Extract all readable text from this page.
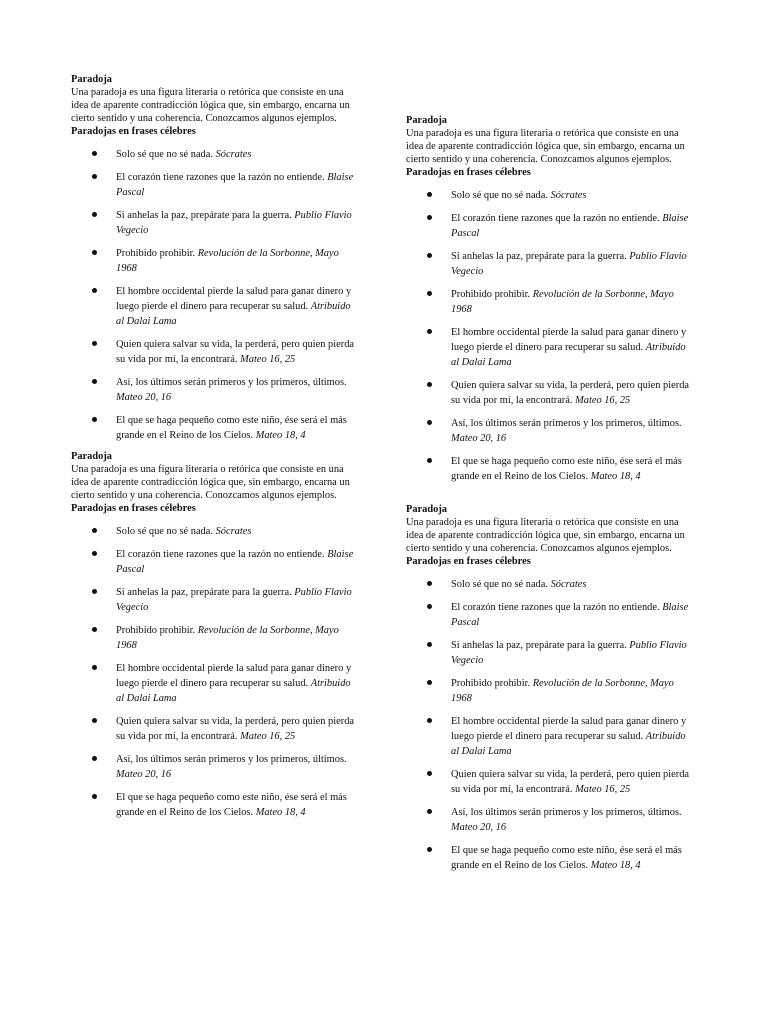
Paradoja
Una paradoja es una figura literaria o retórica que consiste en una idea de aparente contradicción lógica que, sin embargo, encarna un cierto sentido y una coherencia. Conozcamos algunos ejemplos.
Paradojas en frases célebres
Solo sé que no sé nada. Sócrates
El corazón tiene razones que la razón no entiende. Blaise Pascal
Si anhelas la paz, prepárate para la guerra. Publio Flavio Vegecio
Prohibido prohibir. Revolución de la Sorbonne, Mayo 1968
El hombre occidental pierde la salud para ganar dinero y luego pierde el dinero para recuperar su salud. Atribuido al Dalai Lama
Quien quiera salvar su vida, la perderá, pero quien pierda su vida por mí, la encontrará. Mateo 16, 25
Así, los últimos serán primeros y los primeros, últimos. Mateo 20, 16
El que se haga pequeño como este niño, ése será el más grande en el Reino de los Cielos. Mateo 18, 4
Paradoja
Una paradoja es una figura literaria o retórica que consiste en una idea de aparente contradicción lógica que, sin embargo, encarna un cierto sentido y una coherencia. Conozcamos algunos ejemplos.
Paradojas en frases célebres
Solo sé que no sé nada. Sócrates
El corazón tiene razones que la razón no entiende. Blaise Pascal
Si anhelas la paz, prepárate para la guerra. Publio Flavio Vegecio
Prohibido prohibir. Revolución de la Sorbonne, Mayo 1968
El hombre occidental pierde la salud para ganar dinero y luego pierde el dinero para recuperar su salud. Atribuido al Dalai Lama
Quien quiera salvar su vida, la perderá, pero quien pierda su vida por mí, la encontrará. Mateo 16, 25
Así, los últimos serán primeros y los primeros, últimos. Mateo 20, 16
El que se haga pequeño como este niño, ése será el más grande en el Reino de los Cielos. Mateo 18, 4
Paradoja
Una paradoja es una figura literaria o retórica que consiste en una idea de aparente contradicción lógica que, sin embargo, encarna un cierto sentido y una coherencia. Conozcamos algunos ejemplos.
Paradojas en frases célebres
Solo sé que no sé nada. Sócrates
El corazón tiene razones que la razón no entiende. Blaise Pascal
Si anhelas la paz, prepárate para la guerra. Publio Flavio Vegecio
Prohibido prohibir. Revolución de la Sorbonne, Mayo 1968
El hombre occidental pierde la salud para ganar dinero y luego pierde el dinero para recuperar su salud. Atribuido al Dalai Lama
Quien quiera salvar su vida, la perderá, pero quien pierda su vida por mí, la encontrará. Mateo 16, 25
Así, los últimos serán primeros y los primeros, últimos. Mateo 20, 16
El que se haga pequeño como este niño, ése será el más grande en el Reino de los Cielos. Mateo 18, 4
Paradoja
Una paradoja es una figura literaria o retórica que consiste en una idea de aparente contradicción lógica que, sin embargo, encarna un cierto sentido y una coherencia. Conozcamos algunos ejemplos.
Paradojas en frases célebres
Solo sé que no sé nada. Sócrates
El corazón tiene razones que la razón no entiende. Blaise Pascal
Si anhelas la paz, prepárate para la guerra. Publio Flavio Vegecio
Prohibido prohibir. Revolución de la Sorbonne, Mayo 1968
El hombre occidental pierde la salud para ganar dinero y luego pierde el dinero para recuperar su salud. Atribuido al Dalai Lama
Quien quiera salvar su vida, la perderá, pero quien pierda su vida por mí, la encontrará. Mateo 16, 25
Así, los últimos serán primeros y los primeros, últimos. Mateo 20, 16
El que se haga pequeño como este niño, ése será el más grande en el Reino de los Cielos. Mateo 18, 4
